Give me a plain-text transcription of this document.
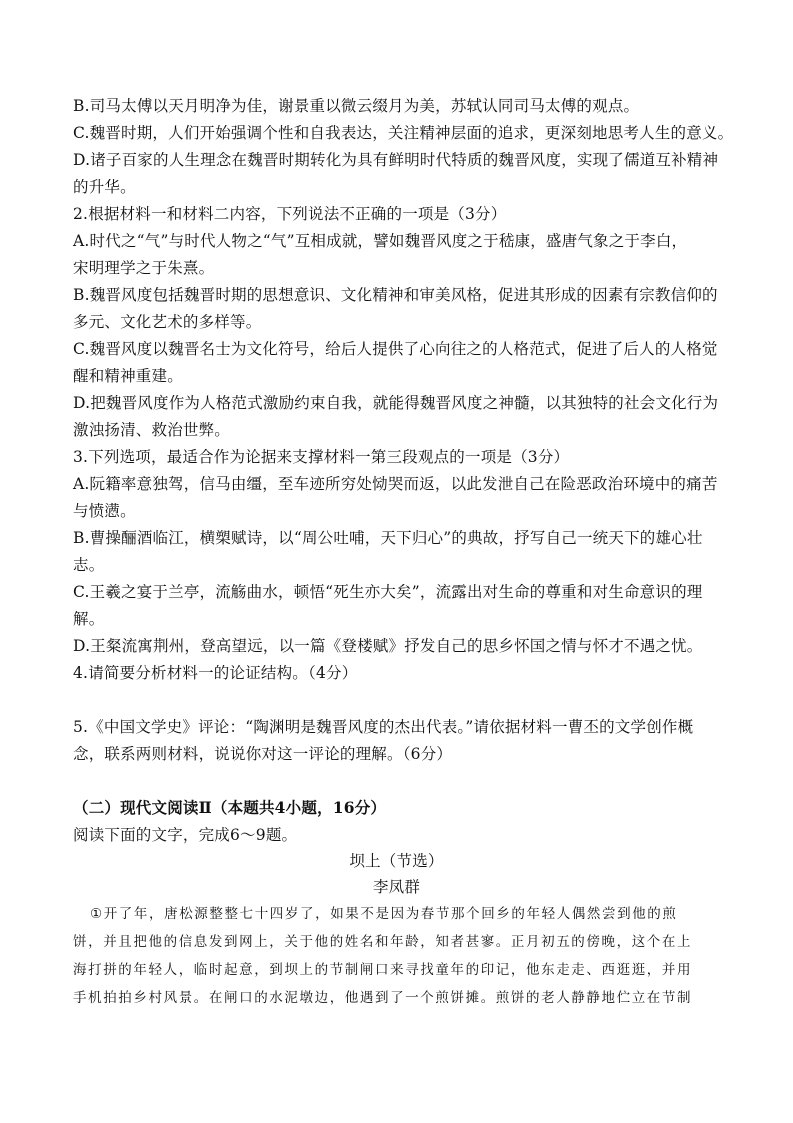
B.司马太傅以天月明净为佳，谢景重以微云缀月为美，苏轼认同司马太傅的观点。
C.魏晋时期，人们开始强调个性和自我表达，关注精神层面的追求，更深刻地思考人生的意义。
D.诸子百家的人生理念在魏晋时期转化为具有鲜明时代特质的魏晋风度，实现了儒道互补精神
的升华。
2.根据材料一和材料二内容，下列说法不正确的一项是（3分）
A.时代之“气”与时代人物之“气”互相成就，譬如魏晋风度之于嵇康，盛唐气象之于李白，
宋明理学之于朱熹。
B.魏晋风度包括魏晋时期的思想意识、文化精神和审美风格，促进其形成的因素有宗教信仰的
多元、文化艺术的多样等。
C.魏晋风度以魏晋名士为文化符号，给后人提供了心向往之的人格范式，促进了后人的人格觉
醒和精神重建。
D.把魏晋风度作为人格范式激励约束自我，就能得魏晋风度之神髓，以其独特的社会文化行为
激浊扬清、救治世弊。
3.下列选项，最适合作为论据来支撑材料一第三段观点的一项是（3分）
A.阮籍率意独驾，信马由缰，至车迹所穷处恸哭而返，以此发泄自己在险恶政治环境中的痛苦
与愤懑。
B.曹操酾酒临江，横槊赋诗，以“周公吐哺，天下归心”的典故，抒写自己一统天下的雄心壮
志。
C.王羲之宴于兰亭，流觞曲水，顿悟“死生亦大矣”，流露出对生命的尊重和对生命意识的理
解。
D.王粲流寓荆州，登高望远，以一篇《登楼赋》抒发自己的思乡怀国之情与怀才不遇之忧。
4.请简要分析材料一的论证结构。（4分）
5.《中国文学史》评论：“陶渊明是魏晋风度的杰出代表。”请依据材料一曹丕的文学创作概
念，联系两则材料，说说你对这一评论的理解。（6分）
（二）现代文阅读Ⅱ（本题共4小题，16分）
阅读下面的文字，完成6～9题。
坝上（节选）
李凤群
①开了年，唐松源整整七十四岁了，如果不是因为春节那个回乡的年轻人偶然尝到他的煎
饼，并且把他的信息发到网上，关于他的姓名和年龄，知者甚寥。正月初五的傍晚，这个在上
海打拼的年轻人，临时起意，到坝上的节制闸口来寻找童年的印记，他东走走、西逛逛，并用
手机拍拍乡村风景。在闸口的水泥墩边，他遇到了一个煎饼摊。煎饼的老人静静地伫立在节制
